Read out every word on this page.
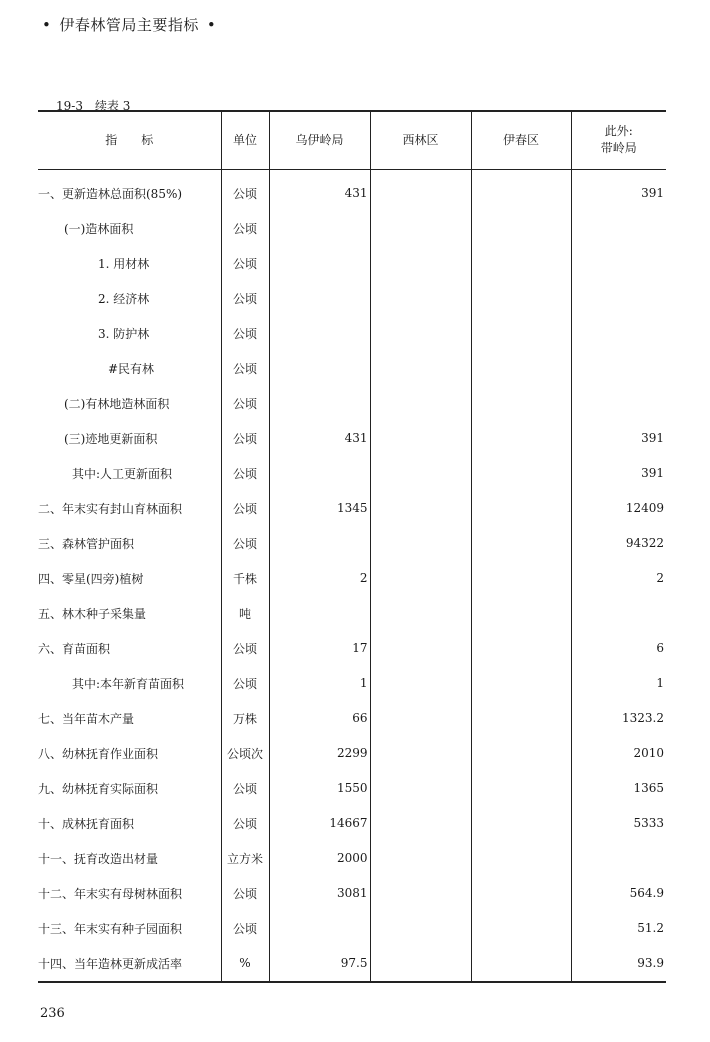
• 伊春林管局主要指标 •
19-3　续表 3
指　　标	单位	乌伊岭局	西林区	伊春区	此外:
带岭局
一、更新造林总面积(85%)	公顷	431			391
(一)造林面积	公顷				
1. 用材林	公顷				
2. 经济林	公顷				
3. 防护林	公顷				
#民有林	公顷				
(二)有林地造林面积	公顷				
(三)迹地更新面积	公顷	431			391
其中:人工更新面积	公顷				391
二、年末实有封山育林面积	公顷	1345			12409
三、森林管护面积	公顷				94322
四、零星(四旁)植树	千株	2			2
五、林木种子采集量	吨				
六、育苗面积	公顷	17			6
其中:本年新育苗面积	公顷	1			1
七、当年苗木产量	万株	66			1323.2
八、幼林抚育作业面积	公顷次	2299			2010
九、幼林抚育实际面积	公顷	1550			1365
十、成林抚育面积	公顷	14667			5333
十一、抚育改造出材量	立方米	2000			
十二、年末实有母树林面积	公顷	3081			564.9
十三、年末实有种子园面积	公顷				51.2
十四、当年造林更新成活率	%	97.5			93.9
236
